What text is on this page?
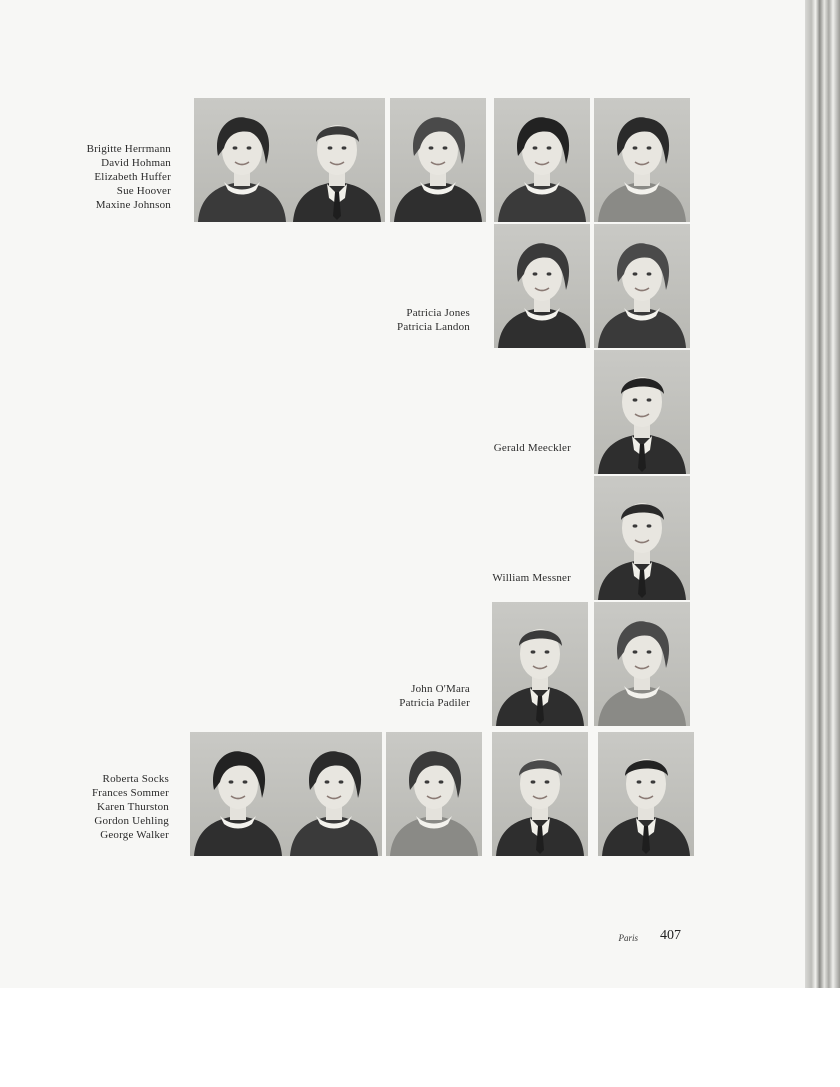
Brigitte Herrmann
David Hohman
Elizabeth Huffer
Sue Hoover
Maxine Johnson
Patricia Jones
Patricia Landon
Gerald Meeckler
William Messner
John O'Mara
Patricia Padiler
Roberta Socks
Frances Sommer
Karen Thurston
Gordon Uehling
George Walker
Paris 407
